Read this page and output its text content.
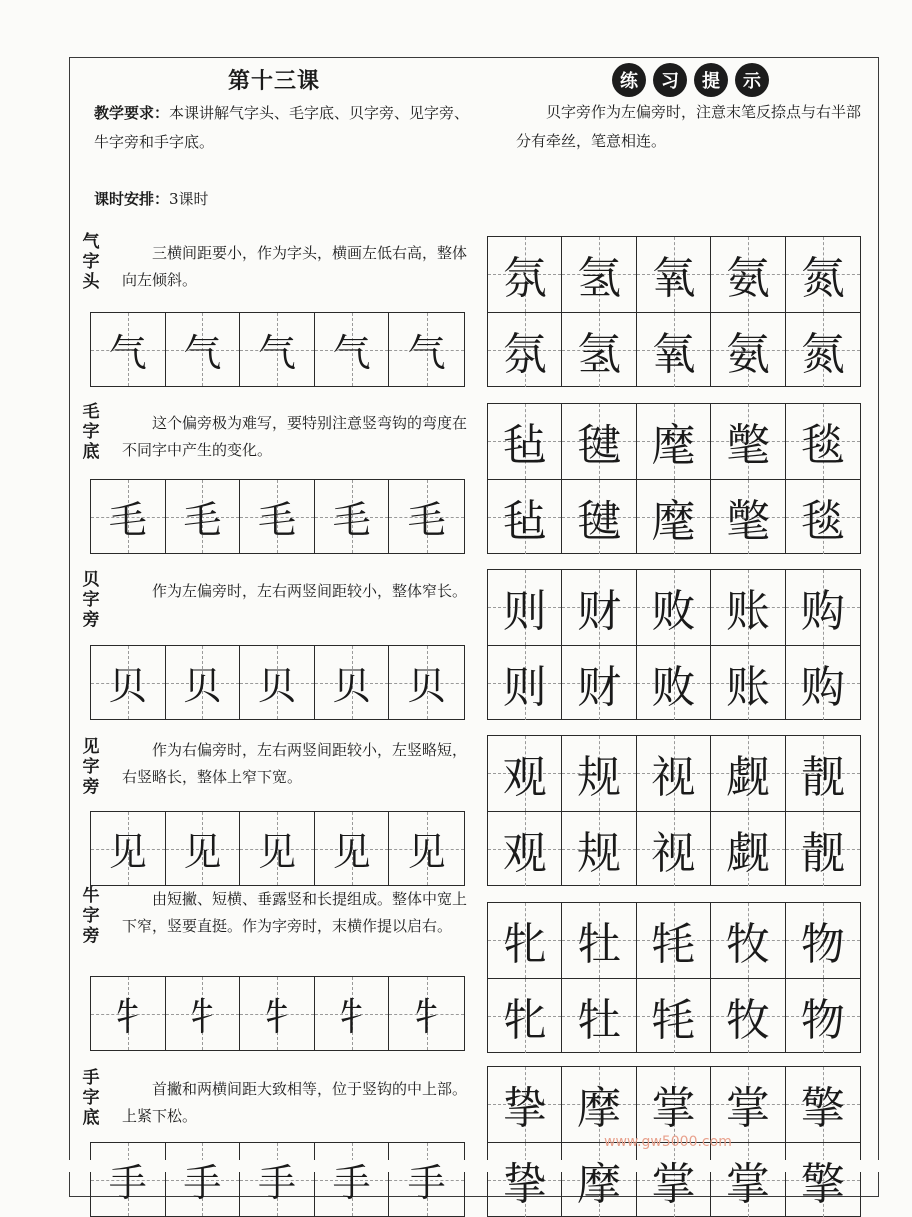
第十三课
教学要求：本课讲解气字头、毛字底、贝字旁、见字旁、牛字旁和手字底。
课时安排：3课时
练	习	提	示
贝字旁作为左偏旁时，注意末笔反捺点与右半部分有牵丝，笔意相连。
气字头
三横间距要小，作为字头，横画左低右高，整体向左倾斜。
气 气 气 气 气
氛 氢 氧 氨 氮
氛 氢 氧 氨 氮
毛字底
这个偏旁极为难写，要特别注意竖弯钩的弯度在不同字中产生的变化。
毛 毛 毛 毛 毛
毡 毽 麾 氅 毯
毡 毽 麾 氅 毯
贝字旁
作为左偏旁时，左右两竖间距较小，整体窄长。
贝 贝 贝 贝 贝
则 财 败 账 购
则 财 败 账 购
见字旁
作为右偏旁时，左右两竖间距较小，左竖略短，右竖略长，整体上窄下宽。
见 见 见 见 见
观 规 视 觑 靓
观 规 视 觑 靓
牛字旁
由短撇、短横、垂露竖和长提组成。整体中宽上下窄，竖要直挺。作为字旁时，末横作提以启右。
牜 牜 牜 牜 牜
牝 牡 牦 牧 物
牝 牡 牦 牧 物
手字底
首撇和两横间距大致相等，位于竖钩的中上部。上紧下松。
手 手 手 手 手
挚 摩 掌 掌 擎
挚 摩 掌 掌 擎
www.gw5000.com
